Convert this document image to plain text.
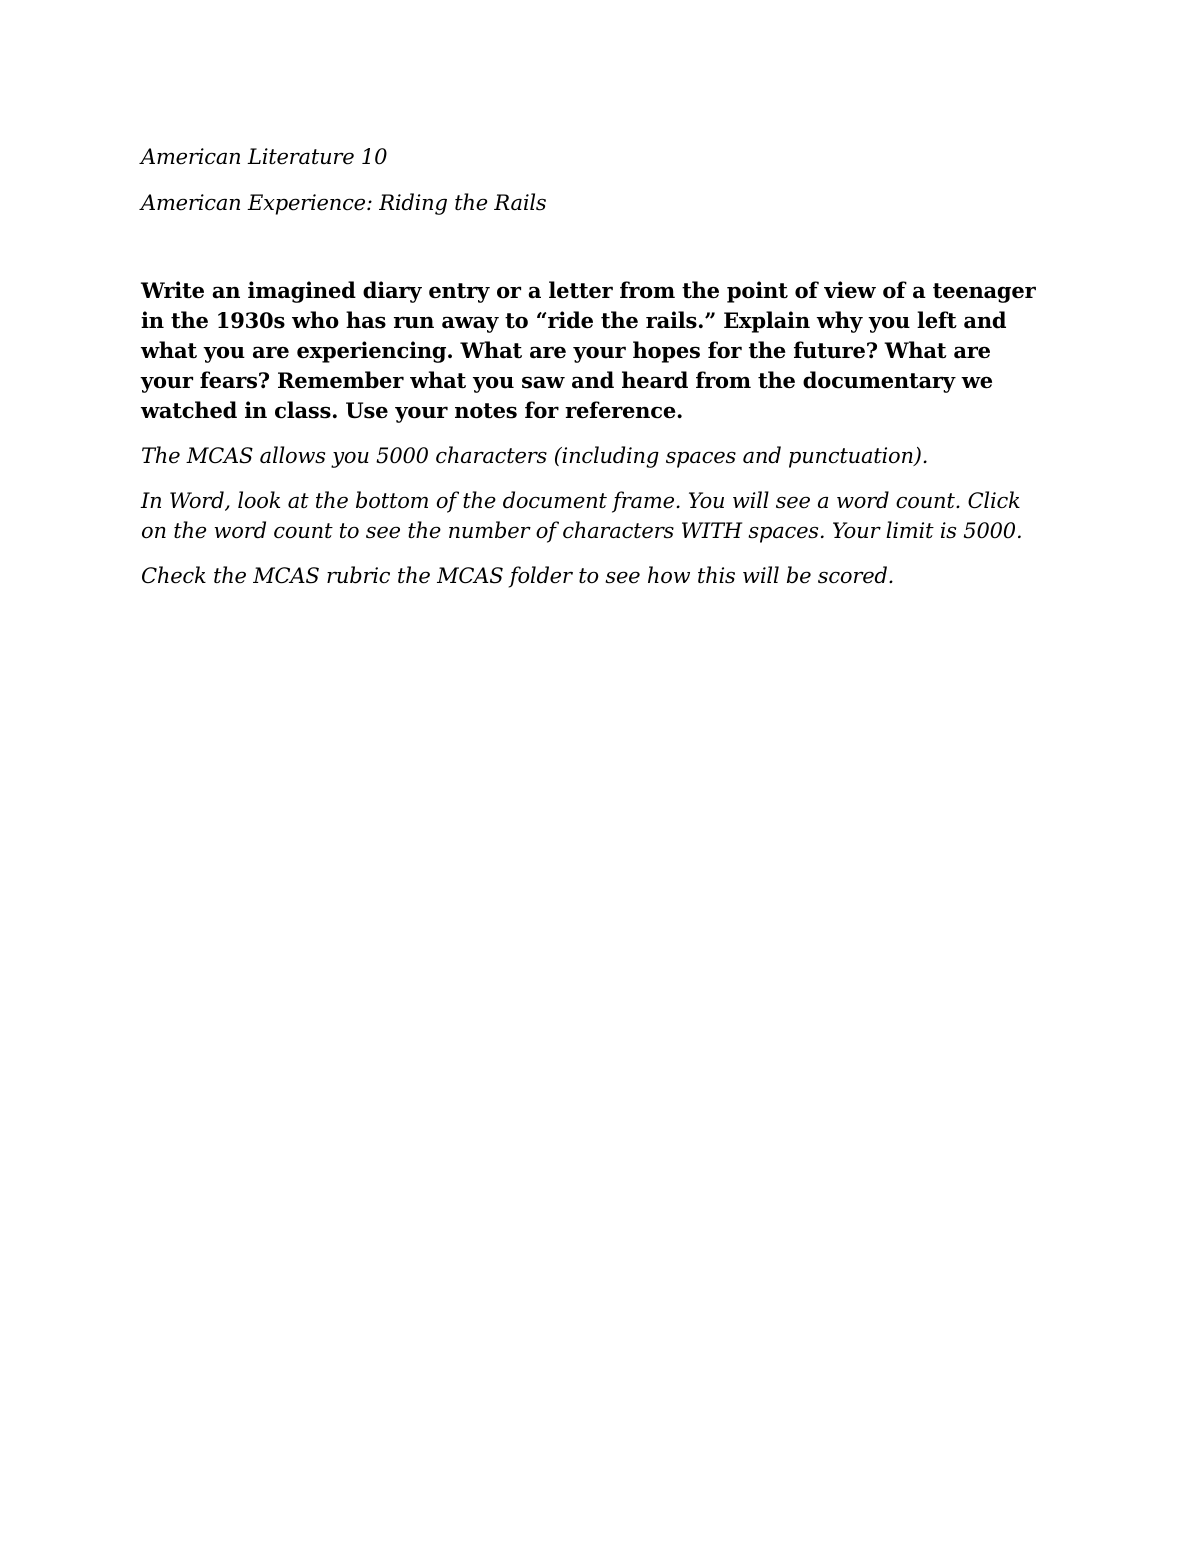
American Literature 10

American Experience: Riding the Rails

Write an imagined diary entry or a letter from the point of view of a teenager in the 1930s who has run away to “ride the rails.” Explain why you left and what you are experiencing. What are your hopes for the future? What are your fears? Remember what you saw and heard from the documentary we watched in class. Use your notes for reference.

The MCAS allows you 5000 characters (including spaces and punctuation).

In Word, look at the bottom of the document frame. You will see a word count. Click on the word count to see the number of characters WITH spaces. Your limit is 5000.

Check the MCAS rubric the MCAS folder to see how this will be scored.
